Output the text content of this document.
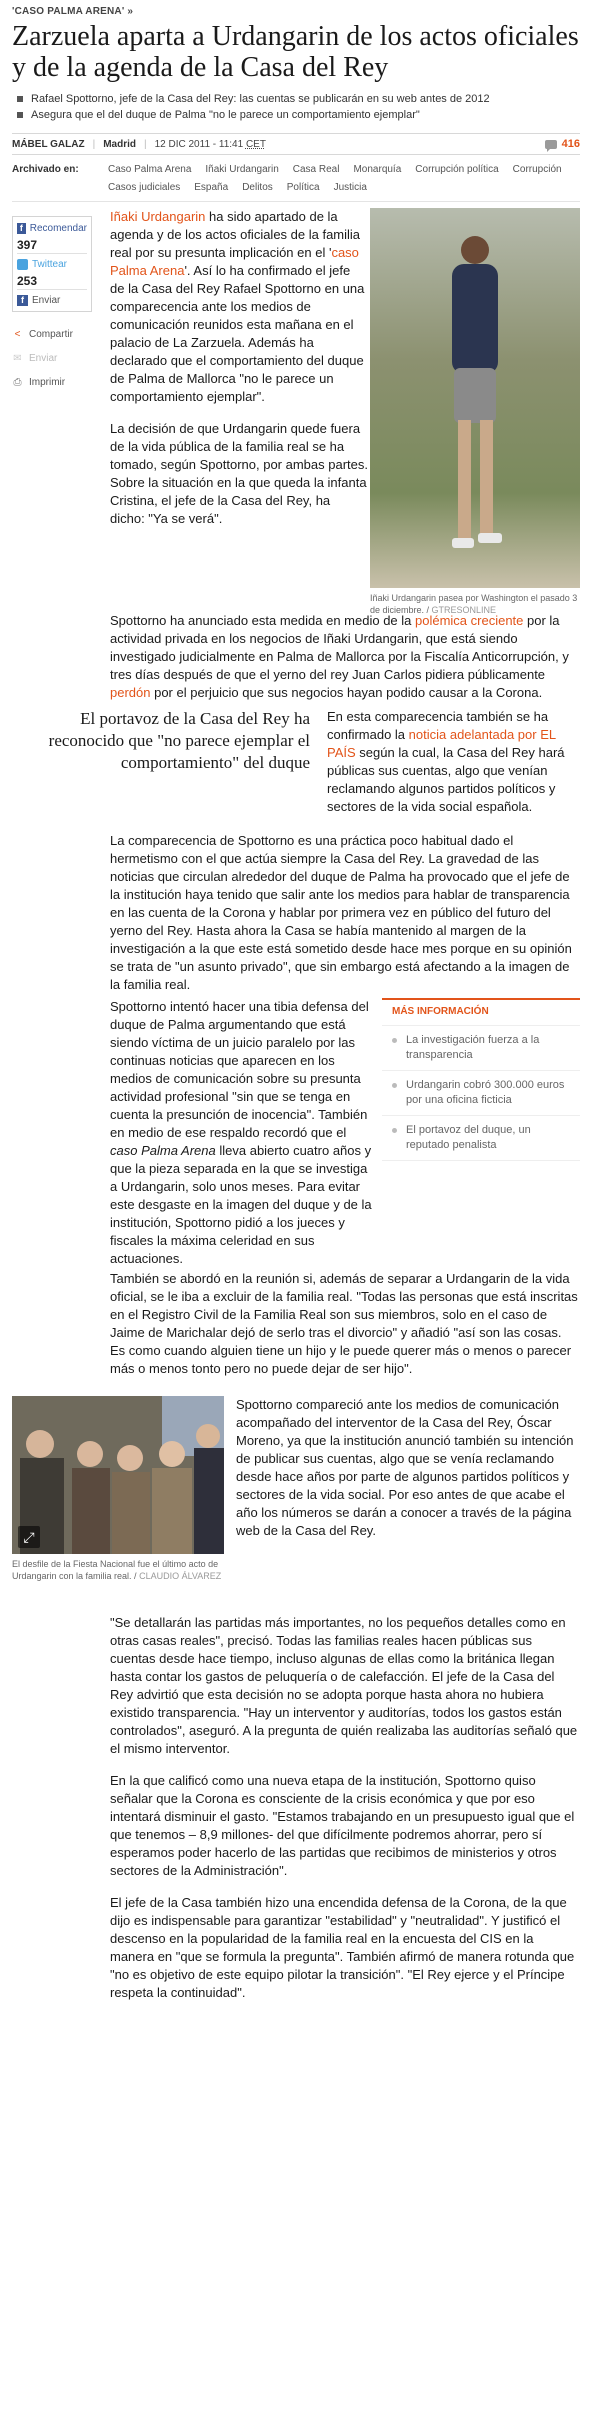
'CASO PALMA ARENA' »
Zarzuela aparta a Urdangarin de los actos oficiales y de la agenda de la Casa del Rey
Rafael Spottorno, jefe de la Casa del Rey: las cuentas se publicarán en su web antes de 2012
Asegura que el del duque de Palma "no le parece un comportamiento ejemplar"
MÁBEL GALAZ | Madrid | 12 DIC 2011 - 11:41 CET	416
Archivado en:	Caso Palma Arena Iñaki Urdangarin Casa Real Monarquía Corrupción política Corrupción
Casos judiciales España Delitos Política Justicia
f Recomendar
397
Twittear
253
f Enviar
< Compartir
✉ Enviar
⎙ Imprimir

Iñaki Urdangarin ha sido apartado de la agenda y de los actos oficiales de la familia real por su presunta implicación en el 'caso Palma Arena'. Así lo ha confirmado el jefe de la Casa del Rey Rafael Spottorno en una comparecencia ante los medios de comunicación reunidos esta mañana en el palacio de La Zarzuela. Además ha declarado que el comportamiento del duque de Palma de Mallorca "no le parece un comportamiento ejemplar".

La decisión de que Urdangarin quede fuera de la vida pública de la familia real se ha tomado, según Spottorno, por ambas partes. Sobre la situación en la que queda la infanta Cristina, el jefe de la Casa del Rey, ha dicho: "Ya se verá".

Iñaki Urdangarin pasea por Washington el pasado 3 de diciembre. / GTRESONLINE

Spottorno ha anunciado esta medida en medio de la polémica creciente por la actividad privada en los negocios de Iñaki Urdangarin, que está siendo investigado judicialmente en Palma de Mallorca por la Fiscalía Anticorrupción, y tres días después de que el yerno del rey Juan Carlos pidiera públicamente perdón por el perjuicio que sus negocios hayan podido causar a la Corona.

El portavoz de la Casa del Rey ha reconocido que "no parece ejemplar el comportamiento" del duque

En esta comparecencia también se ha confirmado la noticia adelantada por EL PAÍS según la cual, la Casa del Rey hará públicas sus cuentas, algo que venían reclamando algunos partidos políticos y sectores de la vida social española.

La comparecencia de Spottorno es una práctica poco habitual dado el hermetismo con el que actúa siempre la Casa del Rey. La gravedad de las noticias que circulan alrededor del duque de Palma ha provocado que el jefe de la institución haya tenido que salir ante los medios para hablar de transparencia en las cuenta de la Corona y hablar por primera vez en público del futuro del yerno del Rey. Hasta ahora la Casa se había mantenido al margen de la investigación a la que este está sometido desde hace mes porque en su opinión se trata de "un asunto privado", que sin embargo está afectando a la imagen de la familia real.

Spottorno intentó hacer una tibia defensa del duque de Palma argumentando que está siendo víctima de un juicio paralelo por las continuas noticias que aparecen en los medios de comunicación sobre su presunta actividad profesional "sin que se tenga en cuenta la presunción de inocencia". También en medio de ese respaldo recordó que el caso Palma Arena lleva abierto cuatro años y que la pieza separada en la que se investiga a Urdangarin, solo unos meses. Para evitar este desgaste en la imagen del duque y de la institución, Spottorno pidió a los jueces y fiscales la máxima celeridad en sus actuaciones.

MÁS INFORMACIÓN
La investigación fuerza a la transparencia
Urdangarin cobró 300.000 euros por una oficina ficticia
El portavoz del duque, un reputado penalista

También se abordó en la reunión si, además de separar a Urdangarin de la vida oficial, se le iba a excluir de la familia real. "Todas las personas que está inscritas en el Registro Civil de la Familia Real son sus miembros, solo en el caso de Jaime de Marichalar dejó de serlo tras el divorcio" y añadió "así son las cosas. Es como cuando alguien tiene un hijo y le puede querer más o menos o parecer más o menos tonto pero no puede dejar de ser hijo".

⤢
El desfile de la Fiesta Nacional fue el último acto de Urdangarin con la familia real. / CLAUDIO ÁLVAREZ

Spottorno compareció ante los medios de comunicación acompañado del interventor de la Casa del Rey, Óscar Moreno, ya que la institución anunció también su intención de publicar sus cuentas, algo que se venía reclamando desde hace años por parte de algunos partidos políticos y sectores de la vida social. Por eso antes de que acabe el año los números se darán a conocer a través de la página web de la Casa del Rey.

"Se detallarán las partidas más importantes, no los pequeños detalles como en otras casas reales", precisó. Todas las familias reales hacen públicas sus cuentas desde hace tiempo, incluso algunas de ellas como la británica llegan hasta contar los gastos de peluquería o de calefacción. El jefe de la Casa del Rey advirtió que esta decisión no se adopta porque hasta ahora no hubiera existido transparencia. "Hay un interventor y auditorías, todos los gastos están controlados", aseguró. A la pregunta de quién realizaba las auditorías señaló que el mismo interventor.

En la que calificó como una nueva etapa de la institución, Spottorno quiso señalar que la Corona es consciente de la crisis económica y que por eso intentará disminuir el gasto. "Estamos trabajando en un presupuesto igual que el que tenemos – 8,9 millones- del que difícilmente podremos ahorrar, pero sí esperamos poder hacerlo de las partidas que recibimos de ministerios y otros sectores de la Administración".

El jefe de la Casa también hizo una encendida defensa de la Corona, de la que dijo es indispensable para garantizar "estabilidad" y "neutralidad". Y justificó el descenso en la popularidad de la familia real en la encuesta del CIS en la manera en "que se formula la pregunta". También afirmó de manera rotunda que "no es objetivo de este equipo pilotar la transición". "El Rey ejerce y el Príncipe respeta la continuidad".
